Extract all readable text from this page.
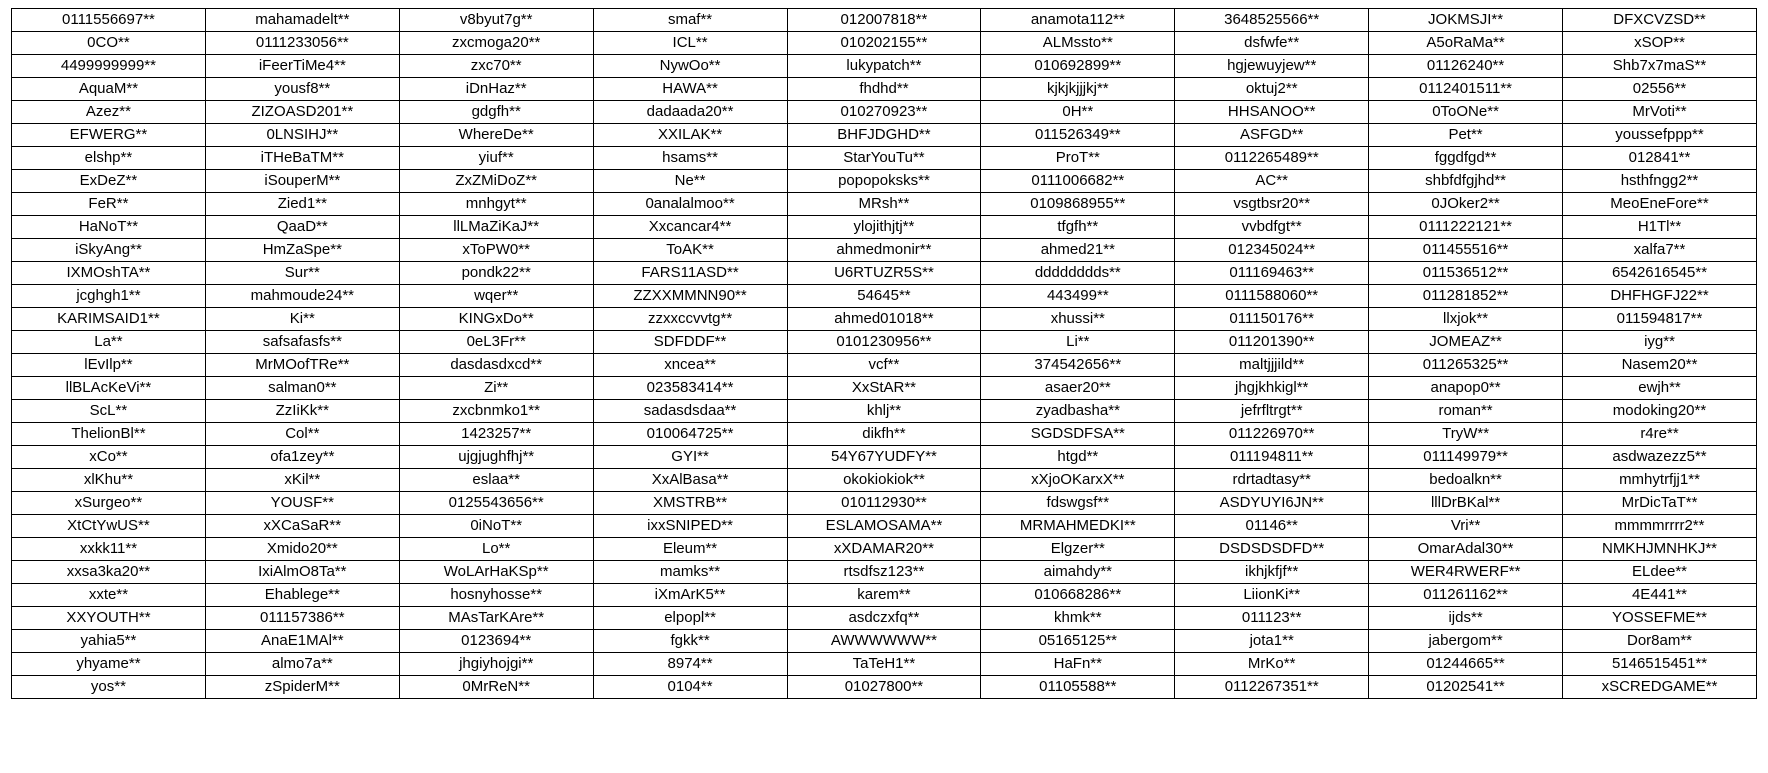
0111556697**	mahamadelt**	v8byut7g**	smaf**	012007818**	anamota112**	3648525566**	JOKMSJI**	DFXCVZSD**
0CO**	0111233056**	zxcmoga20**	ICL**	010202155**	ALMssto**	dsfwfe**	A5oRaMa**	xSOP**
4499999999**	iFeerTiMe4**	zxc70**	NywOo**	lukypatch**	010692899**	hgjewuyjew**	01126240**	Shb7x7maS**
AquaM**	yousf8**	iDnHaz**	HAWA**	fhdhd**	kjkjkjjjkj**	oktuj2**	0112401511**	02556**
Azez**	ZIZOASD201**	gdgfh**	dadaada20**	010270923**	0H**	HHSANOO**	0ToONe**	MrVoti**
EFWERG**	0LNSIHJ**	WhereDe**	XXILAK**	BHFJDGHD**	011526349**	ASFGD**	Pet**	youssefppp**
elshp**	iTHeBaTM**	yiuf**	hsams**	StarYouTu**	ProT**	0112265489**	fggdfgd**	012841**
ExDeZ**	iSouperM**	ZxZMiDoZ**	Ne**	popopoksks**	0111006682**	AC**	shbfdfgjhd**	hsthfngg2**
FeR**	Zied1**	mnhgyt**	0analalmoo**	MRsh**	0109868955**	vsgtbsr20**	0JOker2**	MeoEneFore**
HaNoT**	QaaD**	llLMaZiKaJ**	Xxcancar4**	ylojithjtj**	tfgfh**	vvbdfgt**	0111222121**	H1Tl**
iSkyAng**	HmZaSpe**	xToPW0**	ToAK**	ahmedmonir**	ahmed21**	012345024**	011455516**	xalfa7**
IXMOshTA**	Sur**	pondk22**	FARS11ASD**	U6RTUZR5S**	dddddddds**	011169463**	011536512**	6542616545**
jcghgh1**	mahmoude24**	wqer**	ZZXXMMNN90**	54645**	443499**	0111588060**	011281852**	DHFHGFJ22**
KARIMSAID1**	Ki**	KINGxDo**	zzxxccvvtg**	ahmed01018**	xhussi**	011150176**	llxjok**	011594817**
La**	safsafasfs**	0eL3Fr**	SDFDDF**	0101230956**	Li**	011201390**	JOMEAZ**	iyg**
lEvIlp**	MrMOofTRe**	dasdasdxcd**	xncea**	vcf**	374542656**	maltjjjild**	011265325**	Nasem20**
llBLAcKeVi**	salman0**	Zi**	023583414**	XxStAR**	asaer20**	jhgjkhkigl**	anapop0**	ewjh**
ScL**	ZzIiKk**	zxcbnmko1**	sadasdsdaa**	khlj**	zyadbasha**	jefrfltrgt**	roman**	modoking20**
ThelionBl**	Col**	1423257**	010064725**	dikfh**	SGDSDFSA**	011226970**	TryW**	r4re**
xCo**	ofa1zey**	ujgjughfhj**	GYI**	54Y67YUDFY**	htgd**	011194811**	011149979**	asdwazezz5**
xlKhu**	xKil**	eslaa**	XxAlBasa**	okokiokiok**	xXjoOKarxX**	rdrtadtasy**	bedoalkn**	mmhytrfjj1**
xSurgeo**	YOUSF**	0125543656**	XMSTRB**	010112930**	fdswgsf**	ASDYUYI6JN**	lllDrBKal**	MrDicTaT**
XtCtYwUS**	xXCaSaR**	0iNoT**	ixxSNIPED**	ESLAMOSAMA**	MRMAHMEDKI**	01146**	Vri**	mmmmrrrr2**
xxkk11**	Xmido20**	Lo**	Eleum**	xXDAMAR20**	Elgzer**	DSDSDSDFD**	OmarAdal30**	NMKHJMNHKJ**
xxsa3ka20**	IxiAlmO8Ta**	WoLArHaKSp**	mamks**	rtsdfsz123**	aimahdy**	ikhjkfjf**	WER4RWERF**	ELdee**
xxte**	Ehablege**	hosnyhosse**	iXmArK5**	karem**	010668286**	LiionKi**	011261162**	4E441**
XXYOUTH**	011157386**	MAsTarKAre**	elpopl**	asdczxfq**	khmk**	011123**	ijds**	YOSSEFME**
yahia5**	AnaE1MAl**	0123694**	fgkk**	AWWWWWW**	05165125**	jota1**	jabergom**	Dor8am**
yhyame**	almo7a**	jhgiyhojgi**	8974**	TaTeH1**	HaFn**	MrKo**	01244665**	5146515451**
yos**	zSpiderM**	0MrReN**	0104**	01027800**	01105588**	0112267351**	01202541**	xSCREDGAME**
